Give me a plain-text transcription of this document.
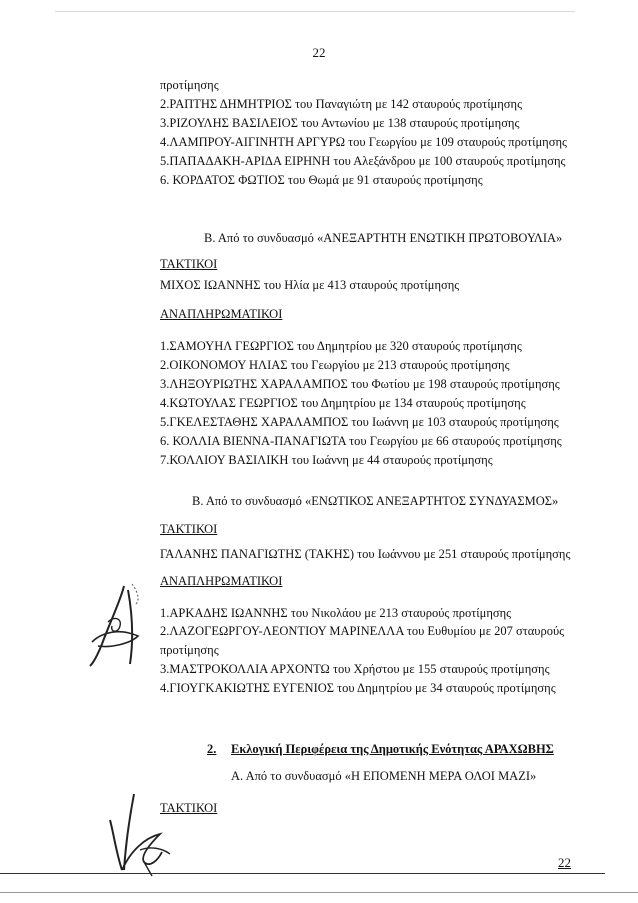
22
προτίμησης
2.ΡΑΠΤΗΣ ΔΗΜΗΤΡΙΟΣ του Παναγιώτη με 142 σταυρούς προτίμησης
3.ΡΙΖΟΥΛΗΣ ΒΑΣΙΛΕΙΟΣ του Αντωνίου με 138 σταυρούς προτίμησης
4.ΛΑΜΠΡΟΥ-ΑΙΓΙΝΗΤΗ ΑΡΓΥΡΩ του Γεωργίου με 109 σταυρούς προτίμησης
5.ΠΑΠΑΔΑΚΗ-ΑΡΙΔΑ ΕΙΡΗΝΗ του Αλεξάνδρου με 100 σταυρούς προτίμησης
6. ΚΟΡΔΑΤΟΣ ΦΩΤΙΟΣ του Θωμά με 91 σταυρούς προτίμησης
Β. Από το συνδυασμό «ΑΝΕΞΑΡΤΗΤΗ ΕΝΩΤΙΚΗ ΠΡΩΤΟΒΟΥΛΙΑ»
ΤΑΚΤΙΚΟΙ
ΜΙΧΟΣ ΙΩΑΝΝΗΣ του Ηλία με 413 σταυρούς προτίμησης
ΑΝΑΠΛΗΡΩΜΑΤΙΚΟΙ
1.ΣΑΜΟΥΗΛ ΓΕΩΡΓΙΟΣ του Δημητρίου με 320 σταυρούς προτίμησης
2.ΟΙΚΟΝΟΜΟΥ ΗΛΙΑΣ του Γεωργίου με 213 σταυρούς προτίμησης
3.ΛΗΞΟΥΡΙΩΤΗΣ ΧΑΡΑΛΑΜΠΟΣ του Φωτίου με 198 σταυρούς προτίμησης
4.ΚΩΤΟΥΛΑΣ ΓΕΩΡΓΙΟΣ του Δημητρίου με 134 σταυρούς προτίμησης
5.ΓΚΕΛΕΣΤΑΘΗΣ ΧΑΡΑΛΑΜΠΟΣ του Ιωάννη με 103 σταυρούς προτίμησης
6. ΚΟΛΛΙΑ ΒΙΕΝΝΑ-ΠΑΝΑΓΙΩΤΑ του Γεωργίου με 66 σταυρούς προτίμησης
7.ΚΟΛΛΙΟΥ ΒΑΣΙΛΙΚΗ του Ιωάννη με 44 σταυρούς προτίμησης
Β. Από το συνδυασμό «ΕΝΩΤΙΚΟΣ ΑΝΕΞΑΡΤΗΤΟΣ ΣΥΝΔΥΑΣΜΟΣ»
ΤΑΚΤΙΚΟΙ
ΓΑΛΑΝΗΣ ΠΑΝΑΓΙΩΤΗΣ (ΤΑΚΗΣ) του Ιωάννου με 251 σταυρούς προτίμησης
ΑΝΑΠΛΗΡΩΜΑΤΙΚΟΙ
1.ΑΡΚΑΔΗΣ ΙΩΑΝΝΗΣ του Νικολάου με 213 σταυρούς προτίμησης
2.ΛΑΖΟΓΕΩΡΓΟΥ-ΛΕΟΝΤΙΟΥ ΜΑΡΙΝΕΛΛΑ του Ευθυμίου με 207 σταυρούς
προτίμησης
3.ΜΑΣΤΡΟΚΟΛΛΙΑ ΑΡΧΟΝΤΩ του Χρήστου με 155 σταυρούς προτίμησης
4.ΓΙΟΥΓΚΑΚΙΩΤΗΣ ΕΥΓΕΝΙΟΣ του Δημητρίου με 34 σταυρούς προτίμησης
2. Εκλογική Περιφέρεια της Δημοτικής Ενότητας ΑΡΑΧΩΒΗΣ
Α. Από το συνδυασμό «Η ΕΠΟΜΕΝΗ ΜΕΡΑ ΟΛΟΙ ΜΑΖΙ»
ΤΑΚΤΙΚΟΙ
22
